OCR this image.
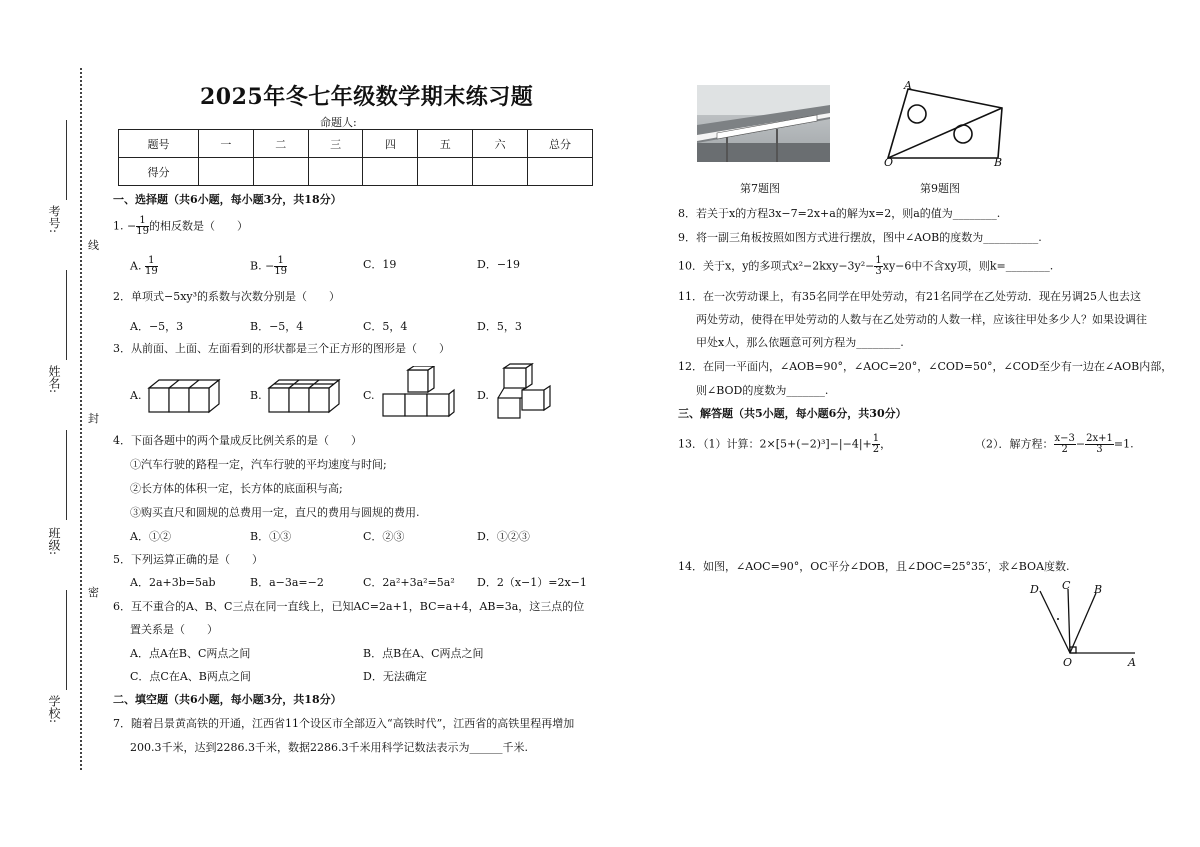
考号:
姓名:
班级:
学校:
线
封
密
2025年冬七年级数学期末练习题
命题人:
题号	一	二	三	四	五	六	总分
得分							
一、选择题（共6小题，每小题3分，共18分）
1. − $\frac{1}{19}$ 的相反数是（　　）
A. $\frac{1}{19}$	B. − $\frac{1}{19}$	C．19	D．−19
2．单项式−5xy³的系数与次数分别是（　　）
A．−5，3	B．−5，4	C．5，4	D．5，3
3．从前面、上面、左面看到的形状都是三个正方形的图形是（　　）
A.	B.	C.	D.
4．下面各题中的两个量成反比例关系的是（　　）
①汽车行驶的路程一定，汽车行驶的平均速度与时间;
②长方体的体积一定，长方体的底面积与高;
③购买直尺和圆规的总费用一定，直尺的费用与圆规的费用.
A．①②	B．①③	C．②③	D．①②③
5．下列运算正确的是（　　）
A．2a+3b=5ab	B．a−3a=−2	C．2a²+3a²=5a² D．2（x−1）=2x−1
6．互不重合的A、B、C三点在同一直线上，已知AC=2a+1，BC=a+4，AB=3a，这三点的位
置关系是（　　）
A．点A在B、C两点之间	B．点B在A、C两点之间
C．点C在A、B两点之间	D．无法确定
二、填空题（共6小题，每小题3分，共18分）
7．随着吕景黄高铁的开通，江西省11个设区市全部迈入“高铁时代”，江西省的高铁里程再增加
200.3千米，达到2286.3千米，数据2286.3千米用科学记数法表示为______千米.
A
O	B
第7题图	第9题图
8．若关于x的方程3x−7=2x+a的解为x=2，则a的值为________.
9．将一副三角板按照如图方式进行摆放，图中∠AOB的度数为__________.
10．关于x，y的多项式$x^2-2kxy-3y^2- \frac{1}{3} xy-6$中不含xy项，则k=________.
11．在一次劳动课上，有35名同学在甲处劳动，有21名同学在乙处劳动．现在另调25人也去这
两处劳动，使得在甲处劳动的人数与在乙处劳动的人数一样，应该往甲处多少人？如果设调往
甲处x人，那么依题意可列方程为________.
12．在同一平面内，∠AOB=90°，∠AOC=20°，∠COD=50°，∠COD至少有一边在∠AOB内部，
则∠BOD的度数为_______.
三、解答题（共5小题，每小题6分，共30分）
13．（1）计算：$2\times[5+(-2)^3]-|-4|+ \frac{1}{2}$ ，	（2）．解方程： $\frac{x-3}{2} - \frac{2x+1}{3} =1$.
14．如图，∠AOC=90°，OC平分∠DOB，且∠DOC=25°35′，求∠BOA度数.
D C B
O	A
